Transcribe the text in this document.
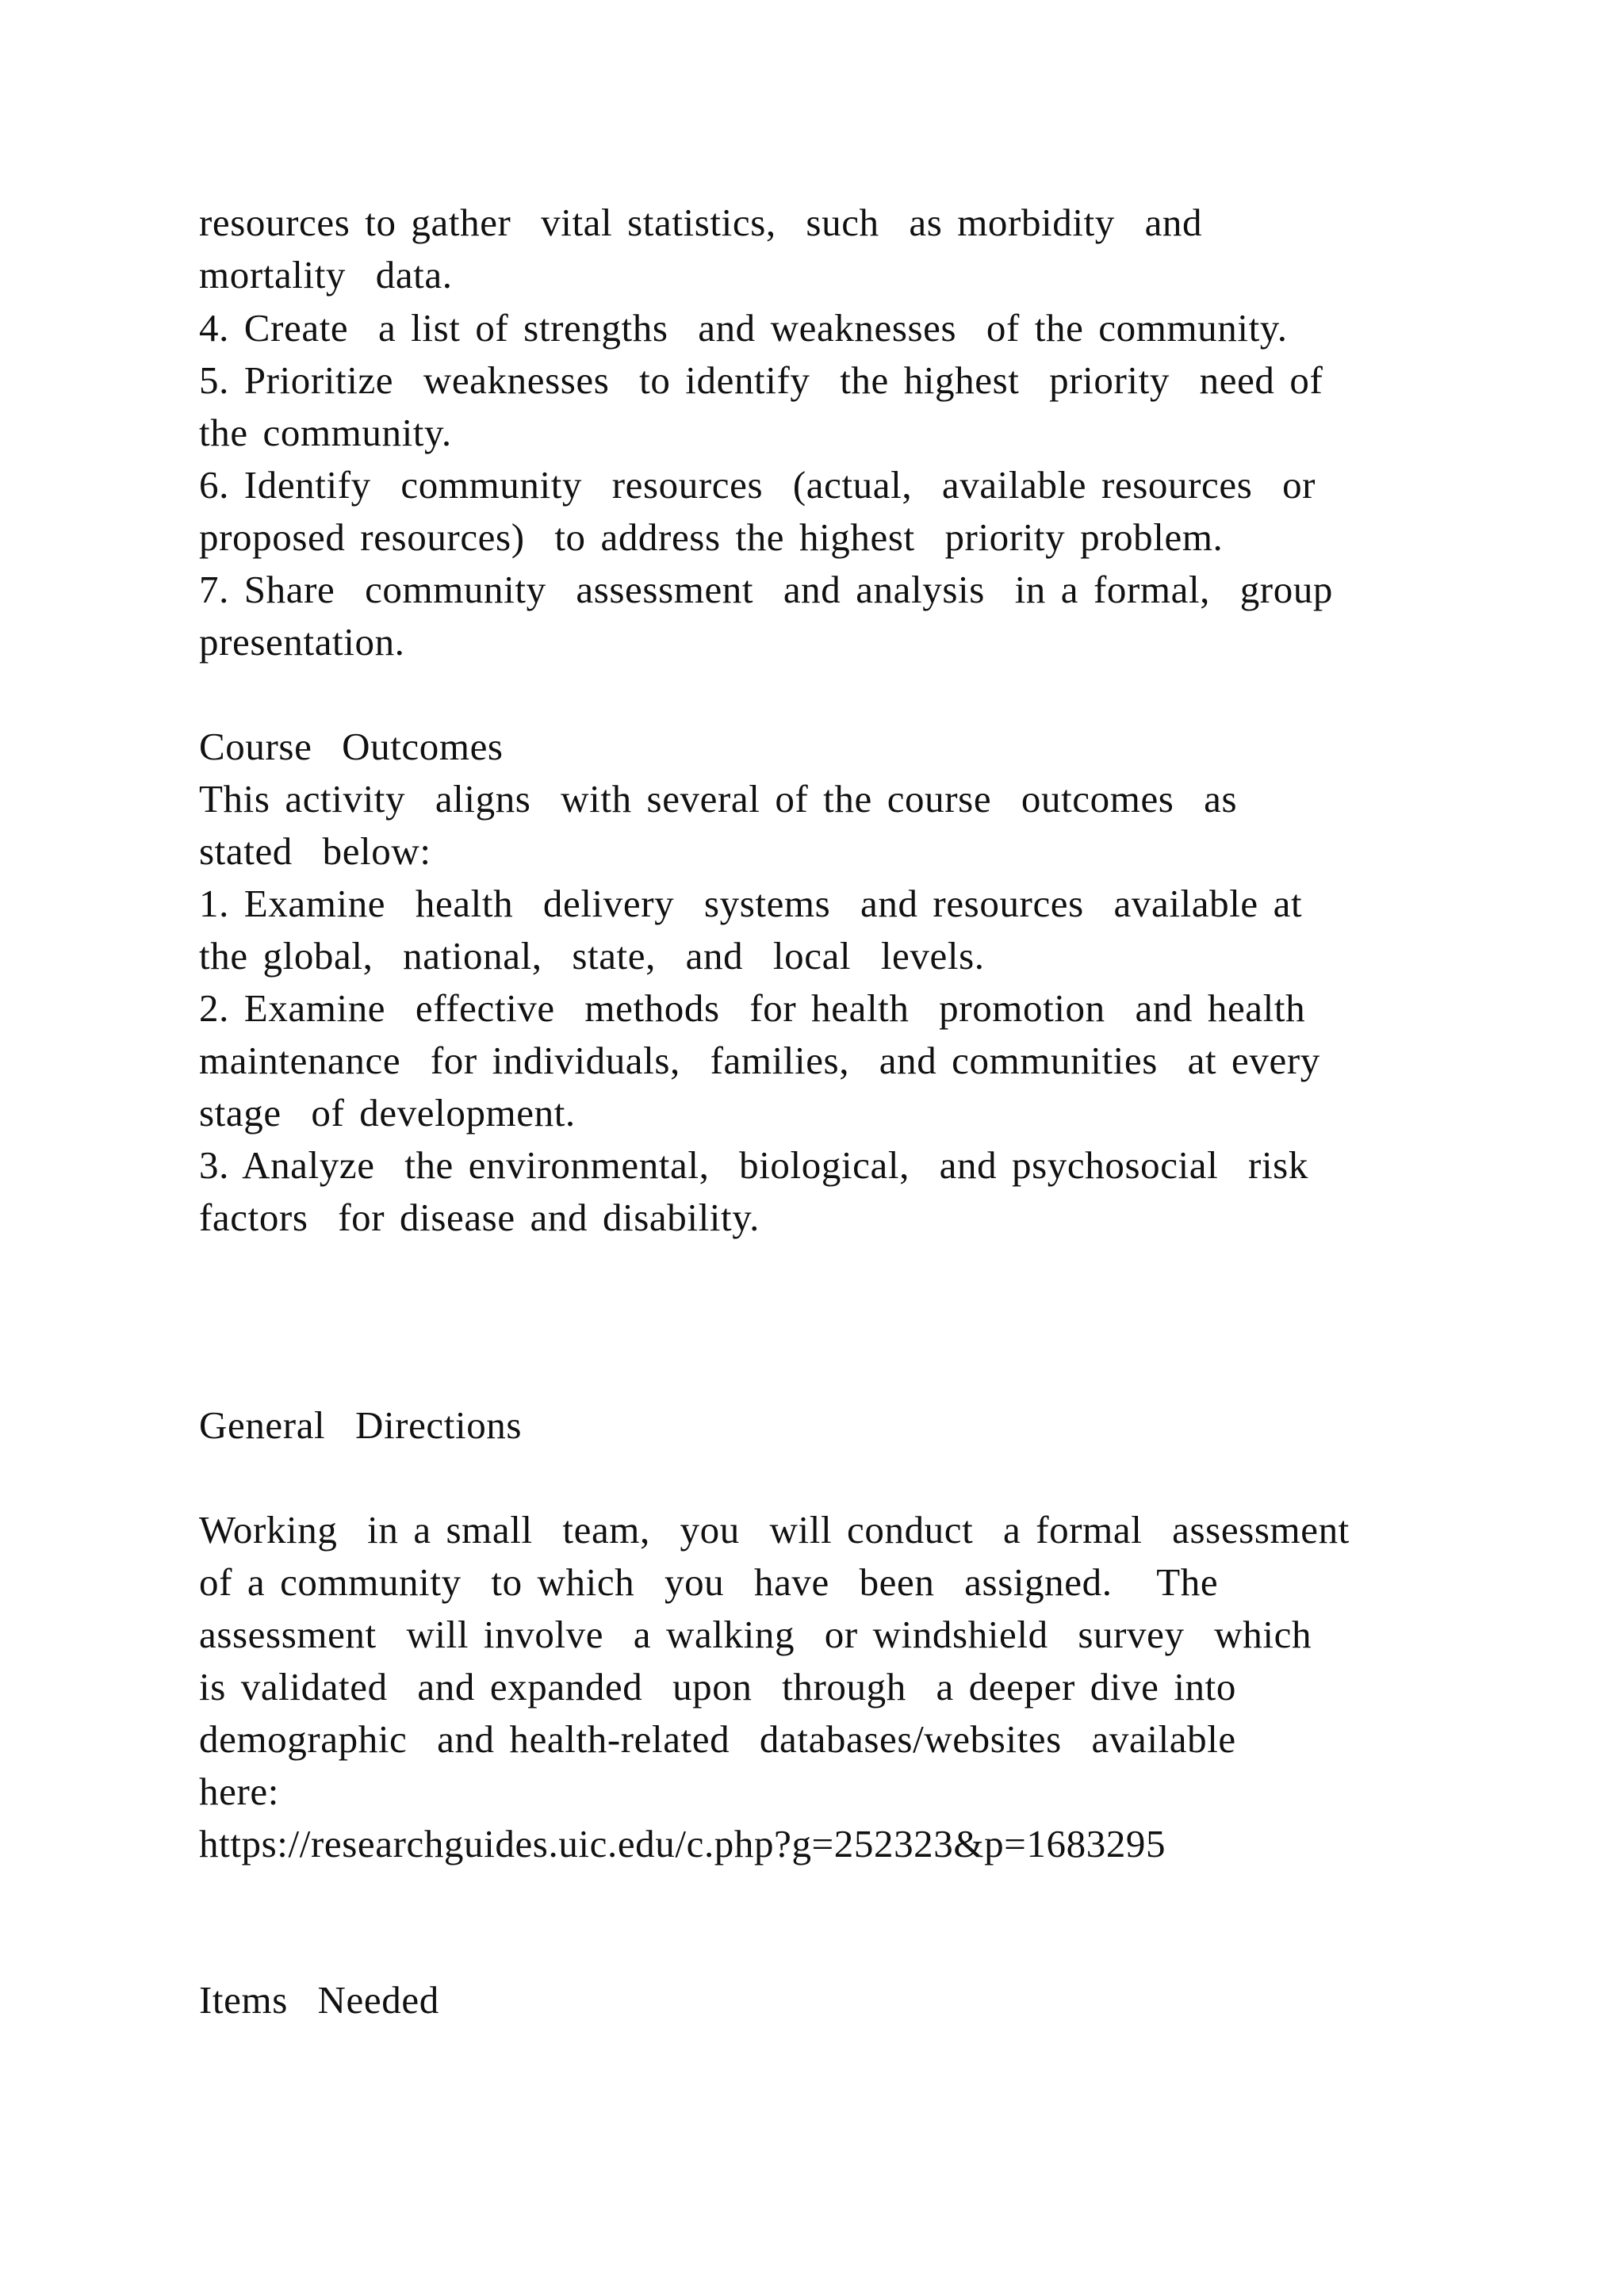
resources to gather  vital statistics,  such  as morbidity  and

mortality  data.

4. Create  a list of strengths  and weaknesses  of the community.

5. Prioritize  weaknesses  to identify  the highest  priority  need of

the community.

6. Identify  community  resources  (actual,  available resources  or

proposed resources)  to address the highest  priority problem.

7. Share  community  assessment  and analysis  in a formal,  group

presentation.

Course  Outcomes

This activity  aligns  with several of the course  outcomes  as

stated  below:

1. Examine  health  delivery  systems  and resources  available at

the global,  national,  state,  and  local  levels.

2. Examine  effective  methods  for health  promotion  and health

maintenance  for individuals,  families,  and communities  at every

stage  of development.

3. Analyze  the environmental,  biological,  and psychosocial  risk

factors  for disease and disability.

General  Directions

Working  in a small  team,  you  will conduct  a formal  assessment

of a community  to which  you  have  been  assigned.   The

assessment  will involve  a walking  or windshield  survey  which

is validated  and expanded  upon  through  a deeper dive into

demographic  and health-related  databases/websites  available

here:

https://researchguides.uic.edu/c.php?g=252323&p=1683295

Items  Needed
